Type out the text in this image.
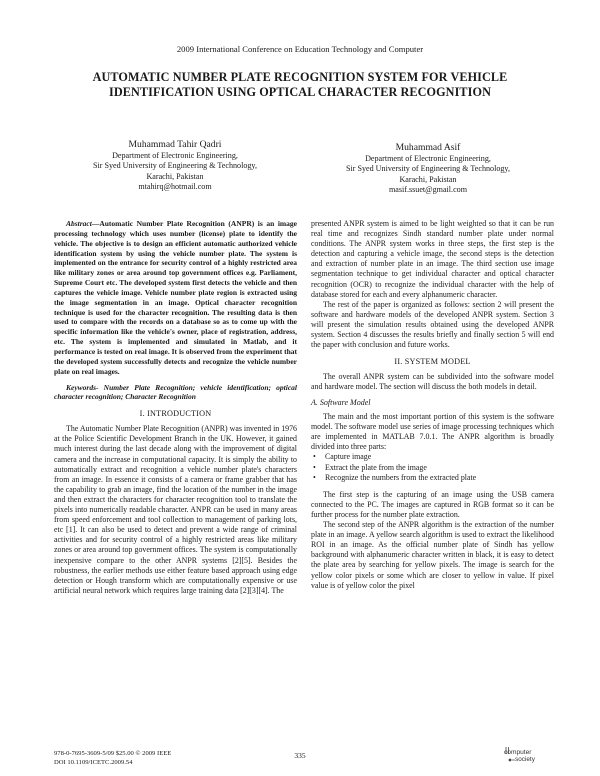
2009 International Conference on Education Technology and Computer
AUTOMATIC NUMBER PLATE RECOGNITION SYSTEM FOR VEHICLE IDENTIFICATION USING OPTICAL CHARACTER RECOGNITION
Muhammad Tahir Qadri
Department of Electronic Engineering,
Sir Syed University of Engineering & Technology,
Karachi, Pakistan
mtahirq@hotmail.com
Muhammad Asif
Department of Electronic Engineering,
Sir Syed University of Engineering & Technology,
Karachi, Pakistan
masif.ssuet@gmail.com

Abstract—Automatic Number Plate Recognition (ANPR) is an image processing technology which uses number (license) plate to identify the vehicle. The objective is to design an efficient automatic authorized vehicle identification system by using the vehicle number plate. The system is implemented on the entrance for security control of a highly restricted area like military zones or area around top government offices e.g. Parliament, Supreme Court etc. The developed system first detects the vehicle and then captures the vehicle image. Vehicle number plate region is extracted using the image segmentation in an image. Optical character recognition technique is used for the character recognition. The resulting data is then used to compare with the records on a database so as to come up with the specific information like the vehicle's owner, place of registration, address, etc. The system is implemented and simulated in Matlab, and it performance is tested on real image. It is observed from the experiment that the developed system successfully detects and recognize the vehicle number plate on real images.

Keywords- Number Plate Recognition; vehicle identification; optical character recognition; Character Recognition

I. INTRODUCTION

The Automatic Number Plate Recognition (ANPR) was invented in 1976 at the Police Scientific Development Branch in the UK. However, it gained much interest during the last decade along with the improvement of digital camera and the increase in computational capacity. It is simply the ability to automatically extract and recognition a vehicle number plate's characters from an image. In essence it consists of a camera or frame grabber that has the capability to grab an image, find the location of the number in the image and then extract the characters for character recognition tool to translate the pixels into numerically readable character. ANPR can be used in many areas from speed enforcement and tool collection to management of parking lots, etc [1]. It can also be used to detect and prevent a wide range of criminal activities and for security control of a highly restricted areas like military zones or area around top government offices. The system is computationally inexpensive compare to the other ANPR systems [2][5]. Besides the robustness, the earlier methods use either feature based approach using edge detection or Hough transform which are computationally expensive or use artificial neural network which requires large training data [2][3][4]. The

presented ANPR system is aimed to be light weighted so that it can be run real time and recognizes Sindh standard number plate under normal conditions. The ANPR system works in three steps, the first step is the detection and capturing a vehicle image, the second steps is the detection and extraction of number plate in an image. The third section use image segmentation technique to get individual character and optical character recognition (OCR) to recognize the individual character with the help of database stored for each and every alphanumeric character.

The rest of the paper is organized as follows: section 2 will present the software and hardware models of the developed ANPR system. Section 3 will present the simulation results obtained using the developed ANPR system. Section 4 discusses the results briefly and finally section 5 will end the paper with conclusion and future works.

II. SYSTEM MODEL

The overall ANPR system can be subdivided into the software model and hardware model. The section will discuss the both models in detail.

A. Software Model

The main and the most important portion of this system is the software model. The software model use series of image processing techniques which are implemented in MATLAB 7.0.1. The ANPR algorithm is broadly divided into three parts:

• Capture image
• Extract the plate from the image
• Recognize the numbers from the extracted plate

The first step is the capturing of an image using the USB camera connected to the PC. The images are captured in RGB format so it can be further process for the number plate extraction.

The second step of the ANPR algorithm is the extraction of the number plate in an image. A yellow search algorithm is used to extract the likelihood ROI in an image. As the official number plate of Sindh has yellow background with alphanumeric character written in black, it is easy to detect the plate area by searching for yellow pixels. The image is search for the yellow color pixels or some which are closer to yellow in value. If pixel value is of yellow color the pixel

978-0-7695-3609-5/09 $25.00 © 2009 IEEE
DOI 10.1109/ICETC.2009.54
335	computer
society
